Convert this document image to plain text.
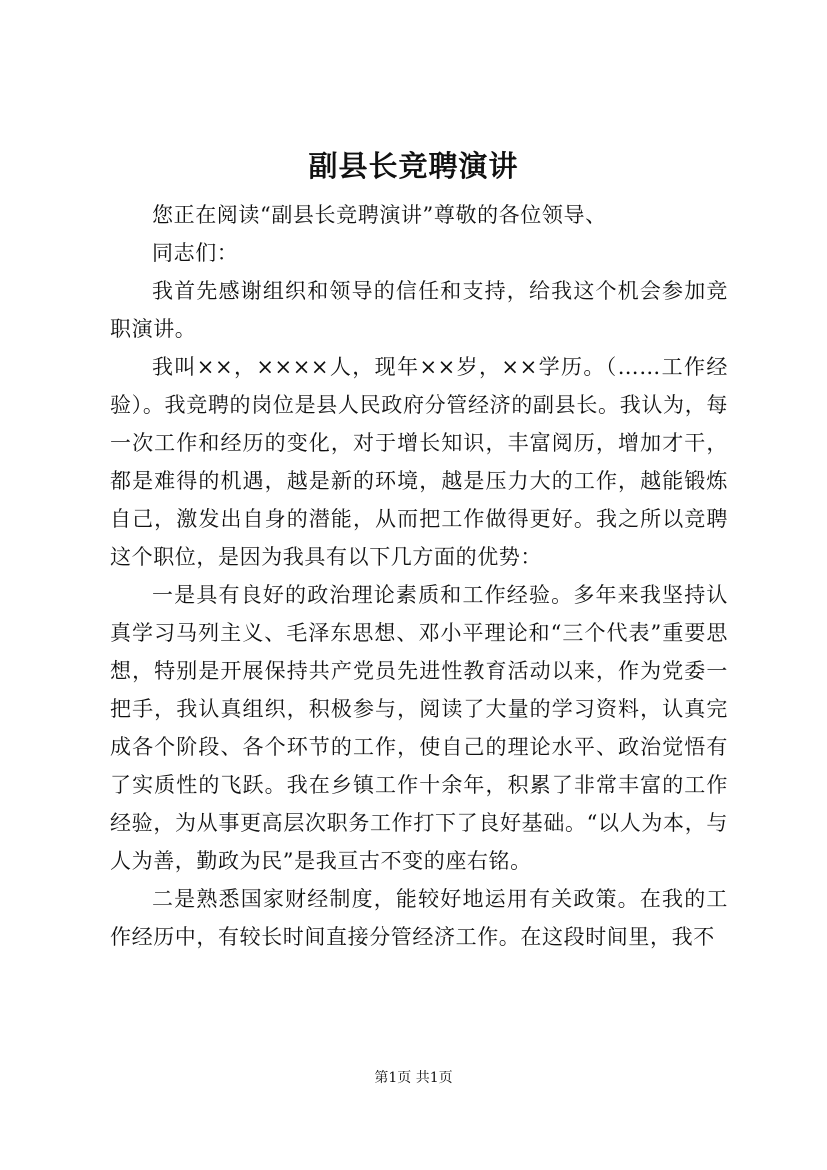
副县长竞聘演讲

您正在阅读“副县长竞聘演讲”尊敬的各位领导、

同志们：

我首先感谢组织和领导的信任和支持，给我这个机会参加竞职演讲。

我叫××，××××人，现年××岁，××学历。（……工作经验）。我竞聘的岗位是县人民政府分管经济的副县长。我认为，每一次工作和经历的变化，对于增长知识，丰富阅历，增加才干，都是难得的机遇，越是新的环境，越是压力大的工作，越能锻炼自己，激发出自身的潜能，从而把工作做得更好。我之所以竞聘这个职位，是因为我具有以下几方面的优势：

一是具有良好的政治理论素质和工作经验。多年来我坚持认真学习马列主义、毛泽东思想、邓小平理论和“三个代表”重要思想，特别是开展保持共产党员先进性教育活动以来，作为党委一把手，我认真组织，积极参与，阅读了大量的学习资料，认真完成各个阶段、各个环节的工作，使自己的理论水平、政治觉悟有了实质性的飞跃。我在乡镇工作十余年，积累了非常丰富的工作经验，为从事更高层次职务工作打下了良好基础。“以人为本，与人为善，勤政为民”是我亘古不变的座右铭。

二是熟悉国家财经制度，能较好地运用有关政策。在我的工作经历中，有较长时间直接分管经济工作。在这段时间里，我不

第1页 共1页
